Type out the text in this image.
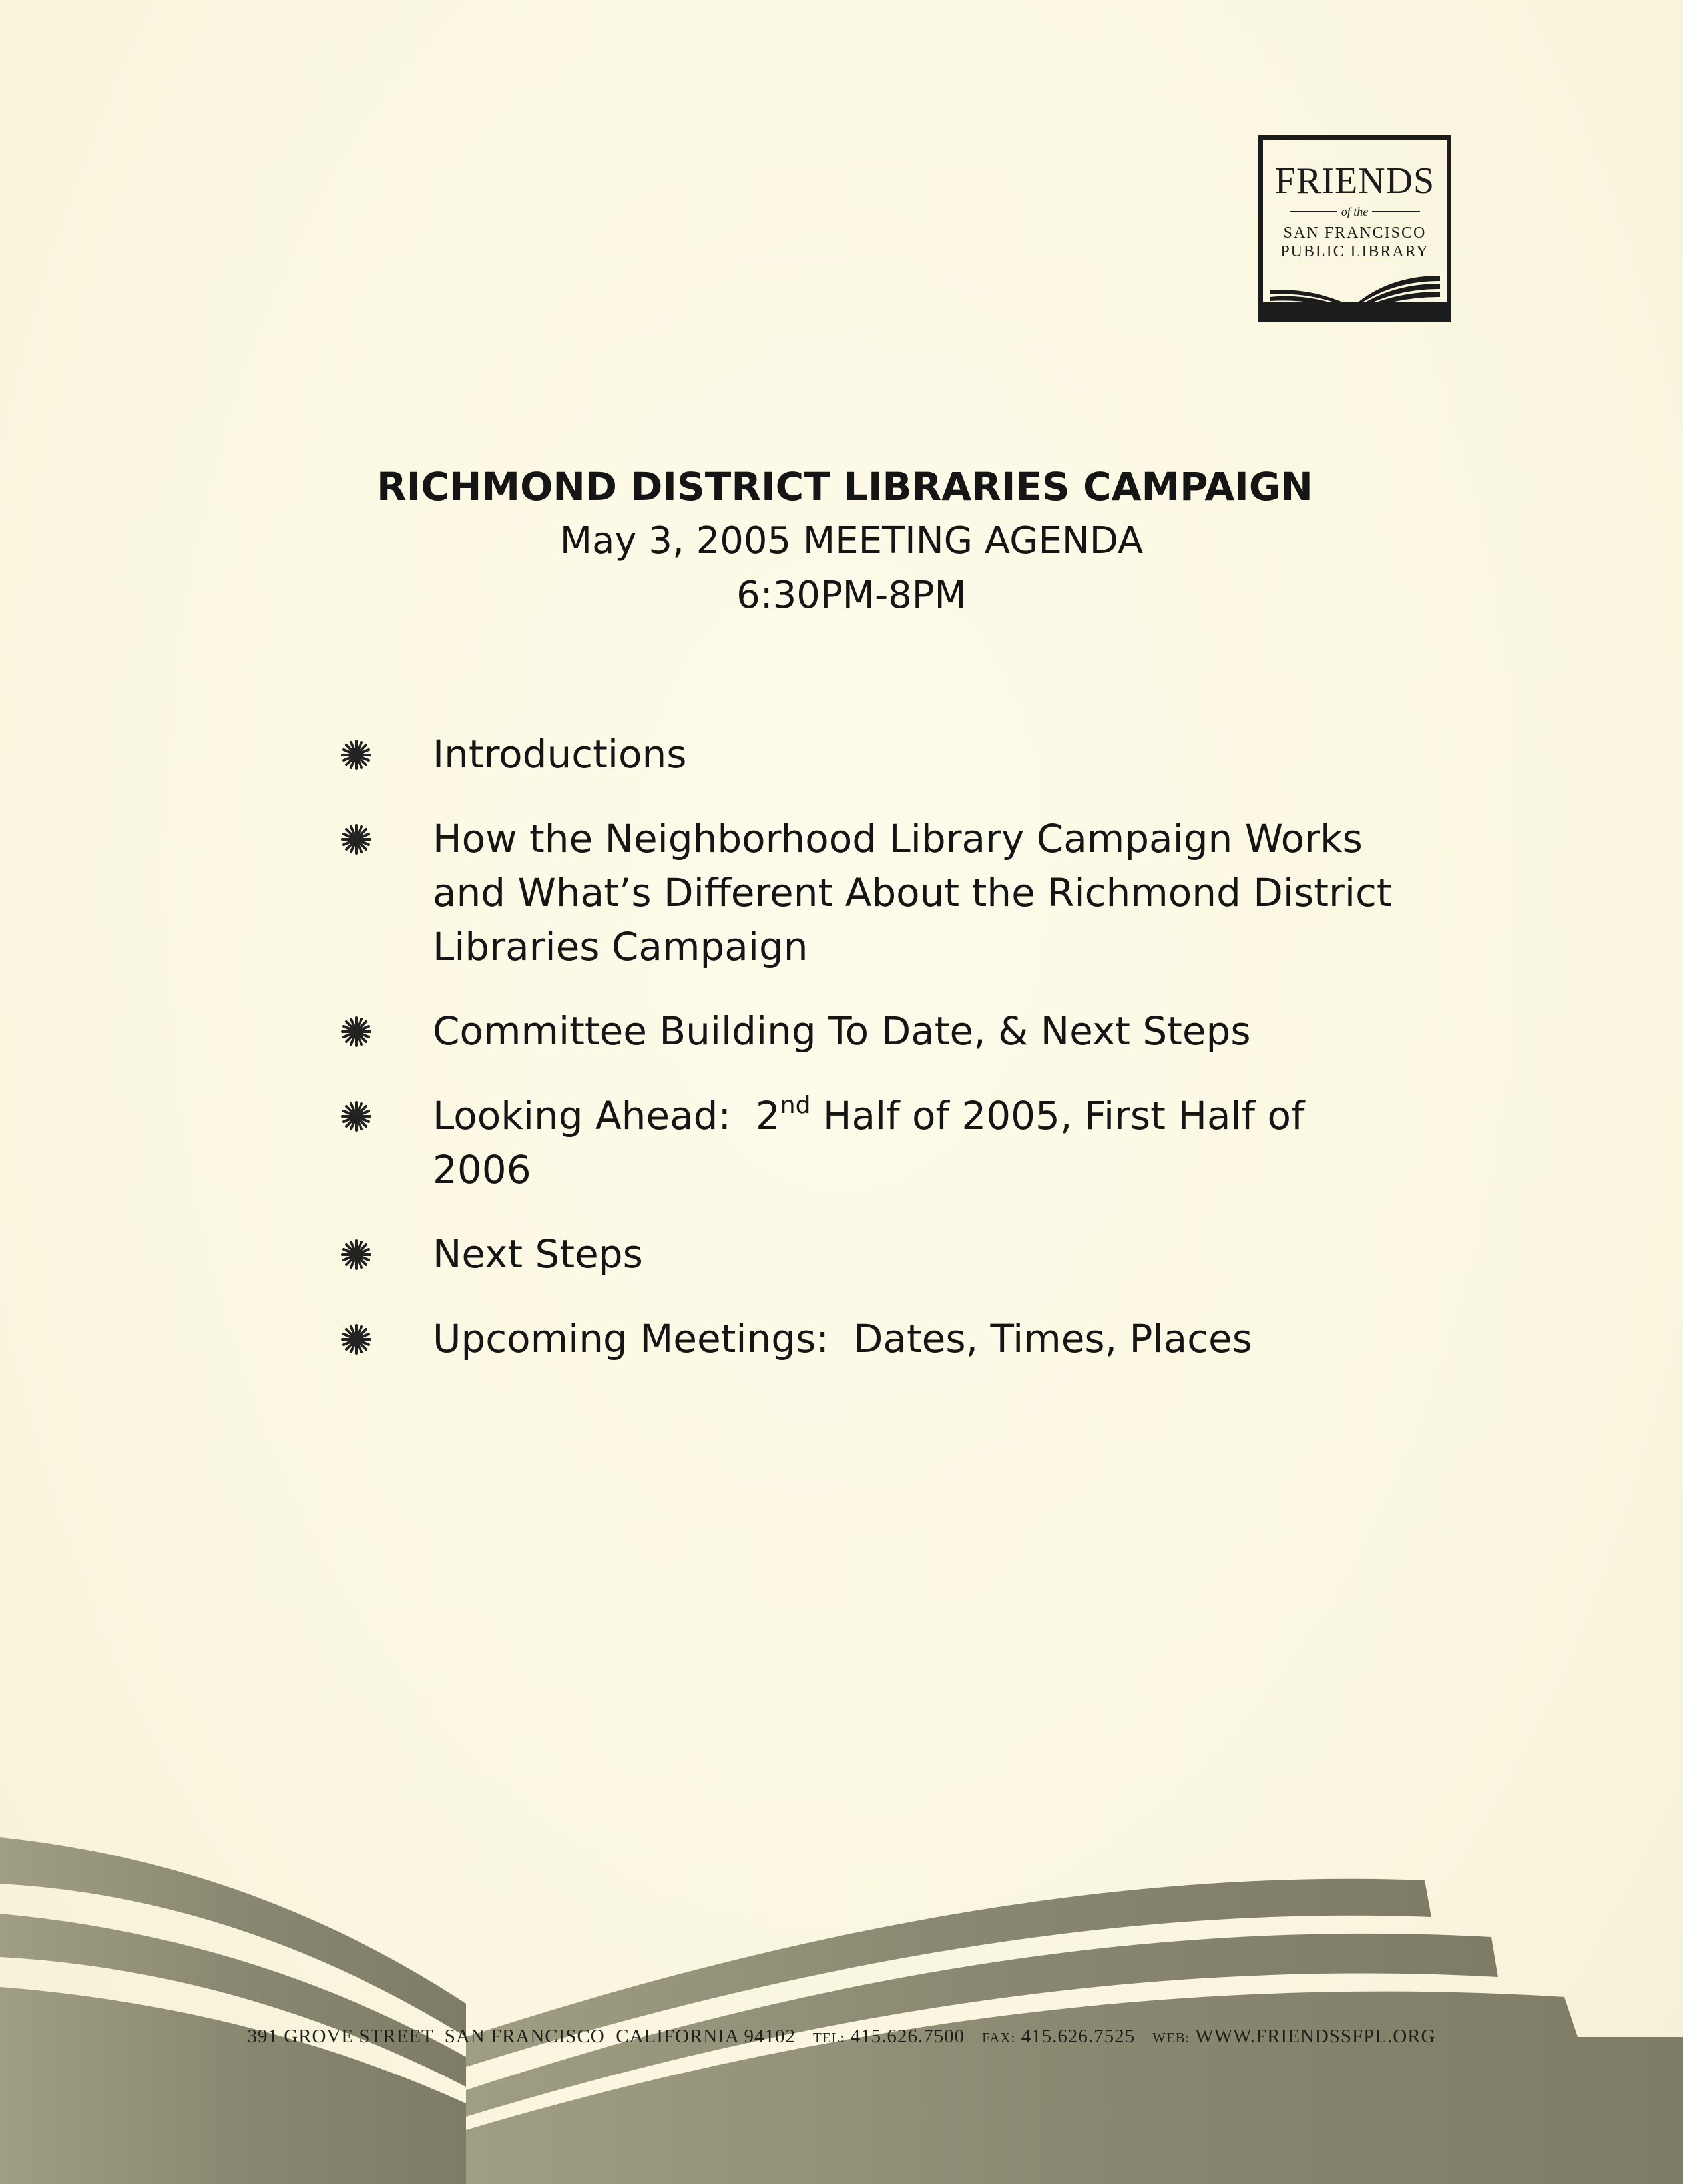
FRIENDS
of the
SAN FRANCISCO
PUBLIC LIBRARY
RICHMOND DISTRICT LIBRARIES CAMPAIGN
May 3, 2005 MEETING AGENDA
6:30PM-8PM
Introductions
How the Neighborhood Library Campaign Works
and What’s Different About the Richmond District
Libraries Campaign
Committee Building To Date, & Next Steps
Looking Ahead:  2nd Half of 2005, First Half of
2006
Next Steps
Upcoming Meetings:  Dates, Times, Places
391 GROVE STREET  SAN FRANCISCO  CALIFORNIA 94102 TEL: 415.626.7500 FAX: 415.626.7525 WEB: WWW.FRIENDSSFPL.ORG
